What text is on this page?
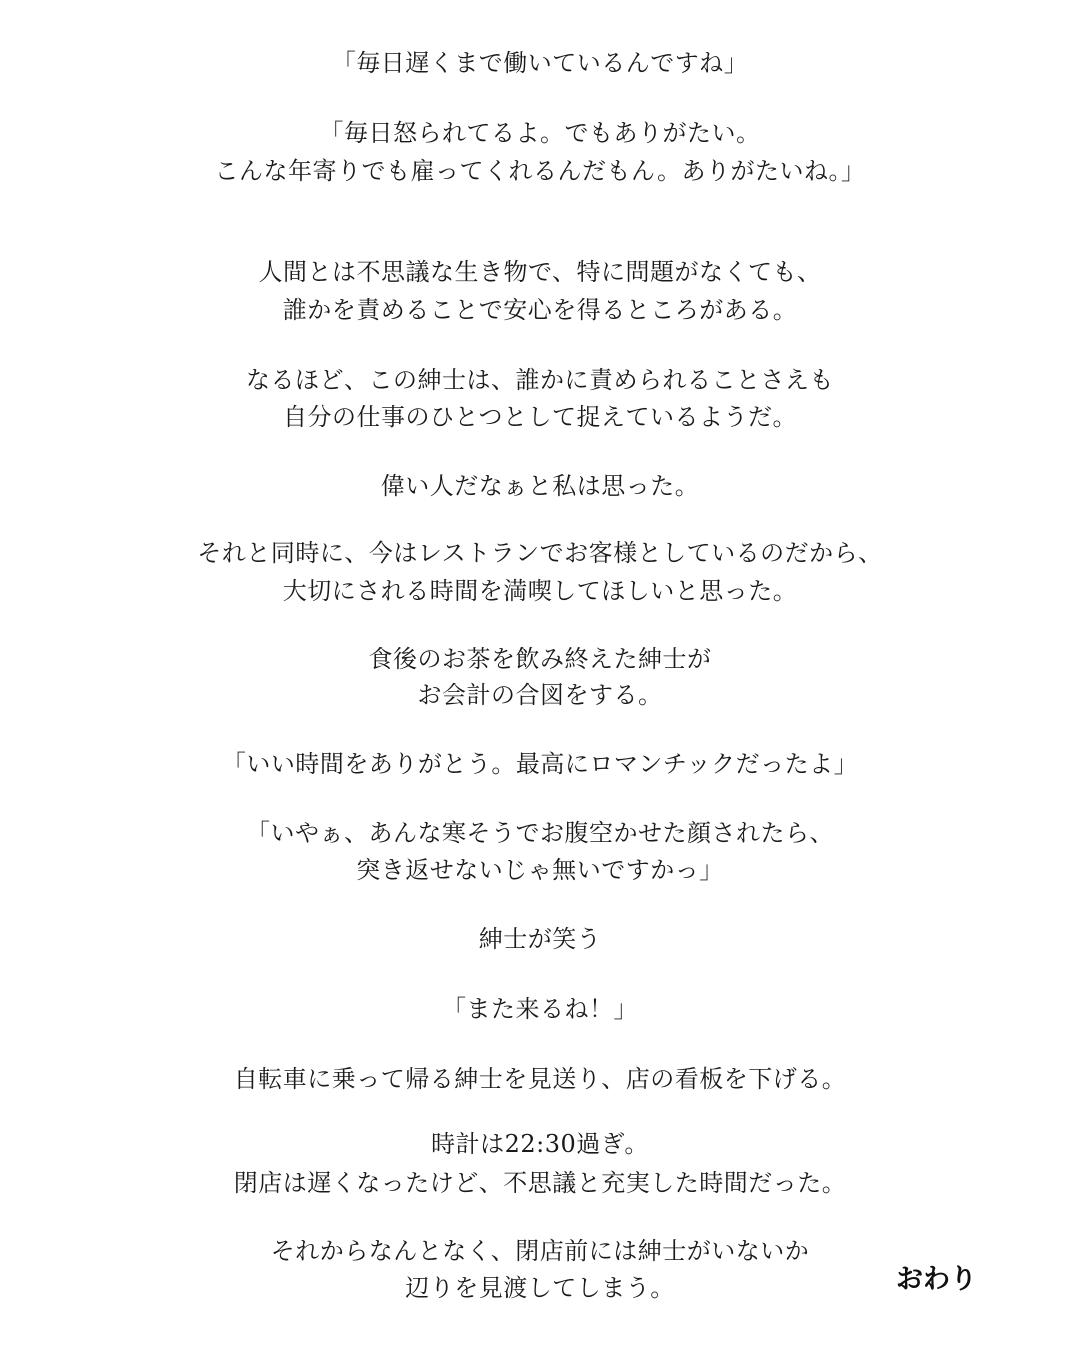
「毎日遅くまで働いているんですね」
「毎日怒られてるよ。でもありがたい。
こんな年寄りでも雇ってくれるんだもん。ありがたいね。」
人間とは不思議な生き物で、特に問題がなくても、
誰かを責めることで安心を得るところがある。
なるほど、この紳士は、誰かに責められることさえも
自分の仕事のひとつとして捉えているようだ。
偉い人だなぁと私は思った。
それと同時に、今はレストランでお客様としているのだから、
大切にされる時間を満喫してほしいと思った。
食後のお茶を飲み終えた紳士が
お会計の合図をする。
「いい時間をありがとう。最高にロマンチックだったよ」
「いやぁ、あんな寒そうでお腹空かせた顔されたら、
突き返せないじゃ無いですかっ」
紳士が笑う
「また来るね！」
自転車に乗って帰る紳士を見送り、店の看板を下げる。
時計は22:30過ぎ。
閉店は遅くなったけど、不思議と充実した時間だった。
それからなんとなく、閉店前には紳士がいないか
辺りを見渡してしまう。	おわり
